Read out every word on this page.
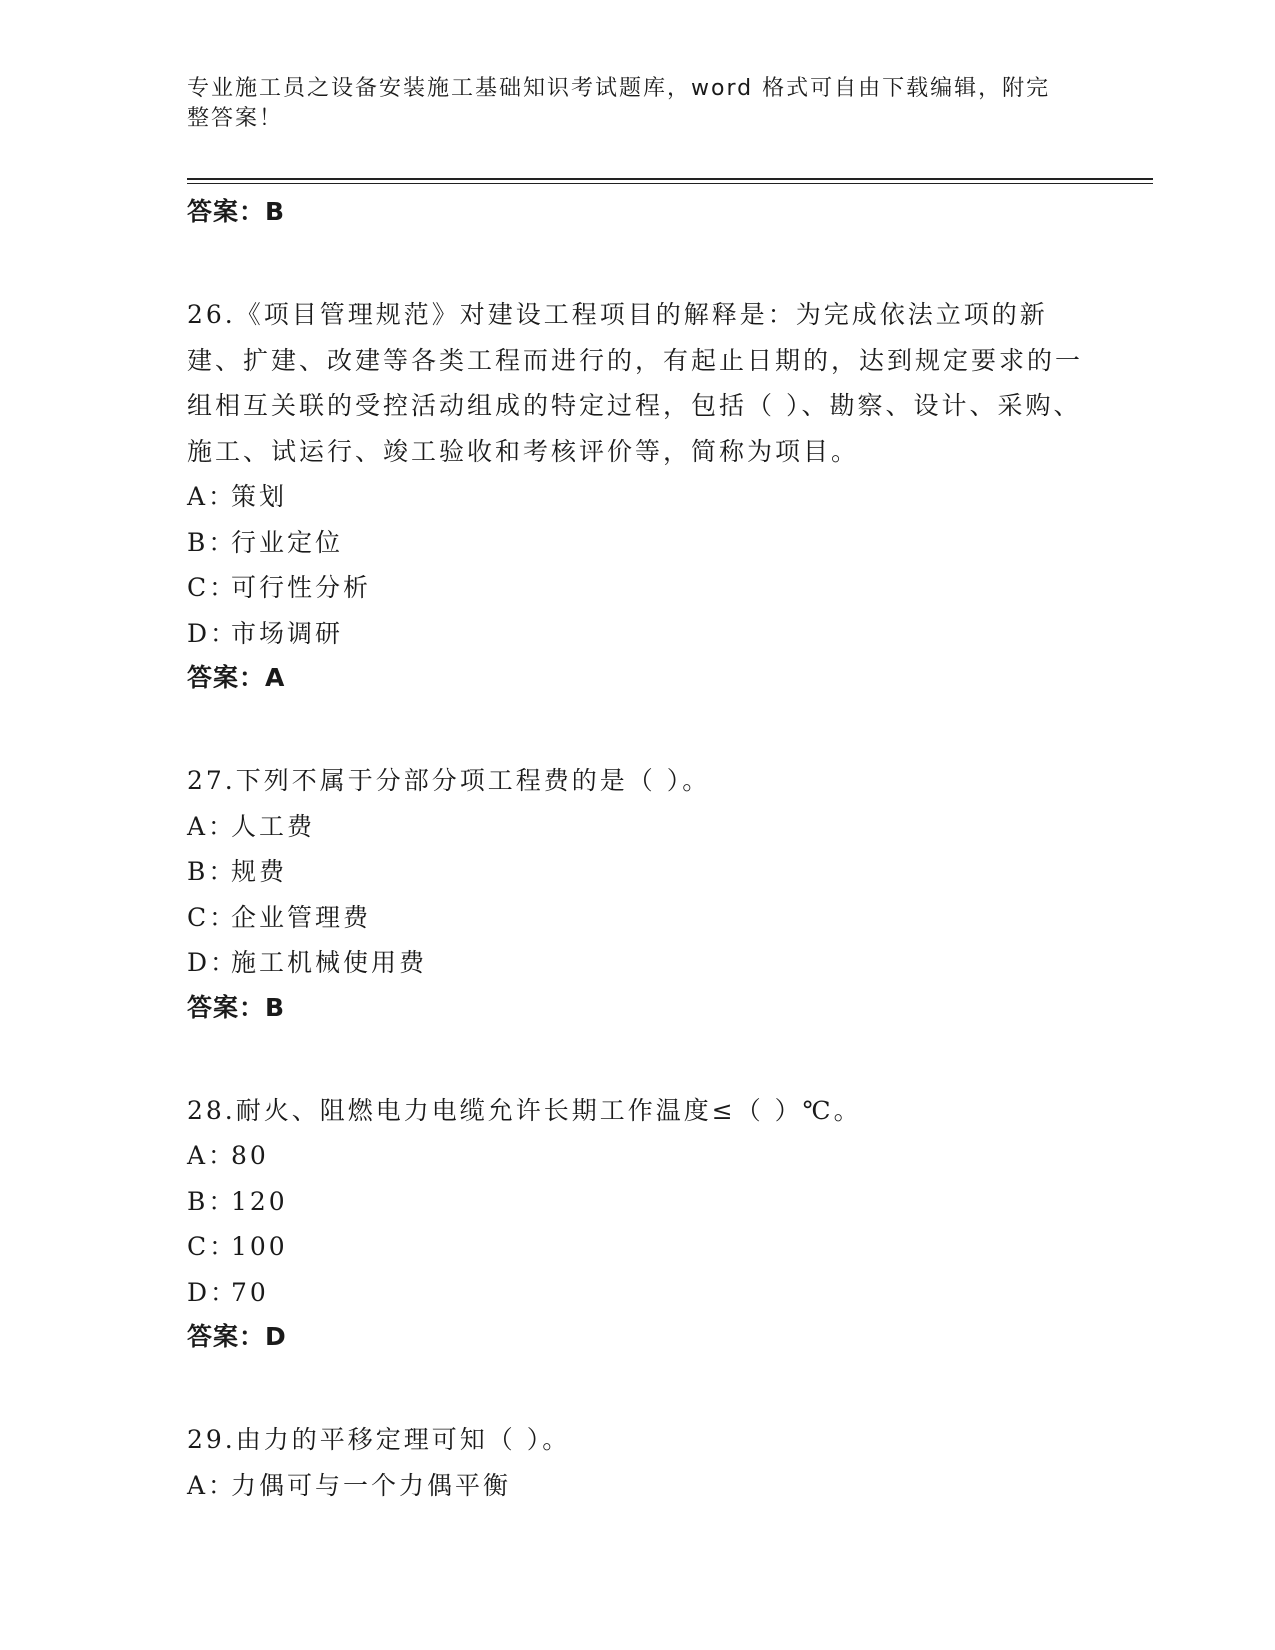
专业施工员之设备安装施工基础知识考试题库，word 格式可自由下载编辑，附完整答案！
答案：B

26.《项目管理规范》对建设工程项目的解释是：为完成依法立项的新建、扩建、改建等各类工程而进行的，有起止日期的，达到规定要求的一组相互关联的受控活动组成的特定过程，包括（ ）、勘察、设计、采购、施工、试运行、竣工验收和考核评价等，简称为项目。

A：策划

B：行业定位

C：可行性分析

D：市场调研

答案：A

27.下列不属于分部分项工程费的是（ ）。

A：人工费

B：规费

C：企业管理费

D：施工机械使用费

答案：B

28.耐火、阻燃电力电缆允许长期工作温度≤（ ）℃。

A：80

B：120

C：100

D：70

答案：D

29.由力的平移定理可知（ ）。

A：力偶可与一个力偶平衡
